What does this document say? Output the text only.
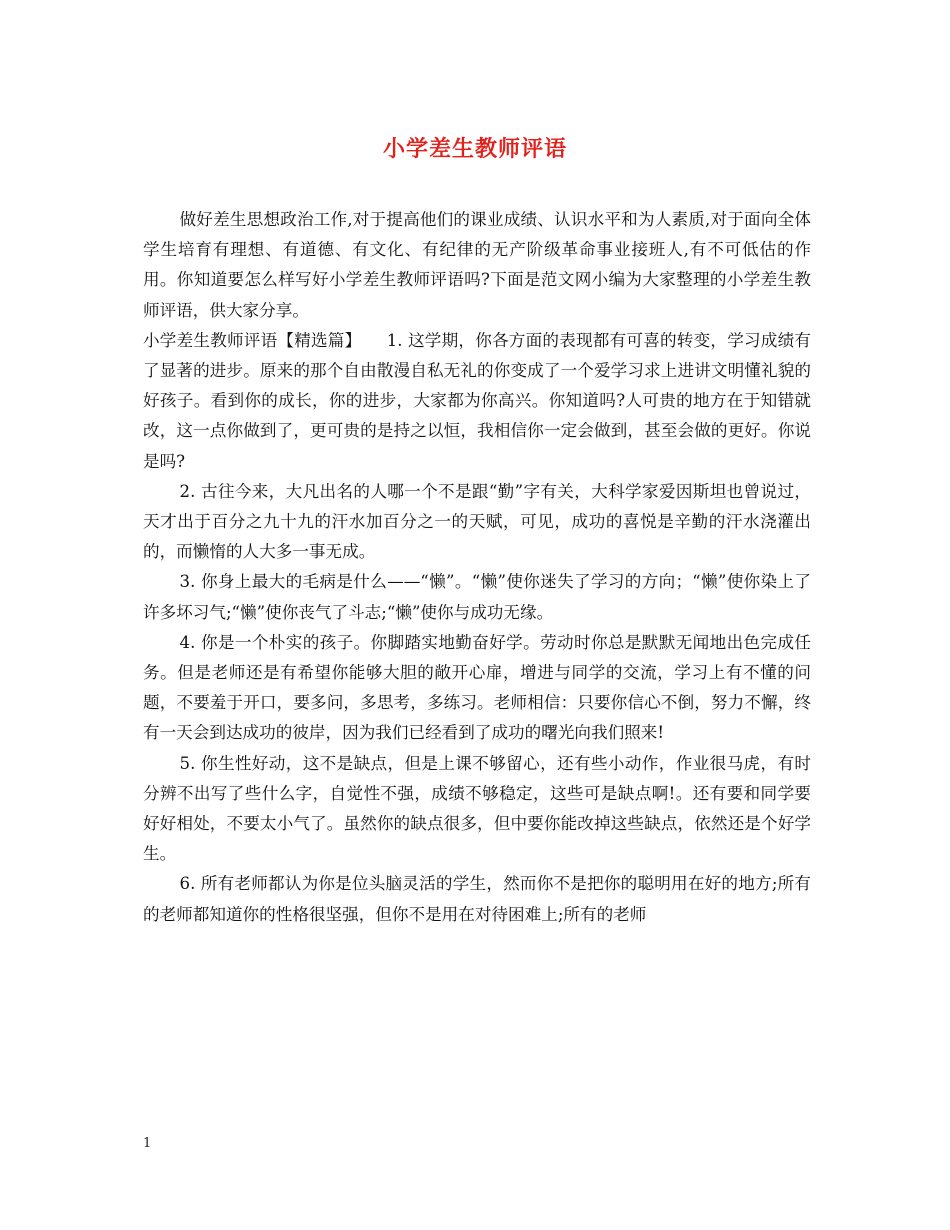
小学差生教师评语

做好差生思想政治工作,对于提高他们的课业成绩、认识水平和为人素质,对于面向全体学生培育有理想、有道德、有文化、有纪律的无产阶级革命事业接班人,有不可低估的作用。你知道要怎么样写好小学差生教师评语吗?下面是范文网小编为大家整理的小学差生教师评语，供大家分享。

小学差生教师评语【精选篇】　　1. 这学期，你各方面的表现都有可喜的转变，学习成绩有了显著的进步。原来的那个自由散漫自私无礼的你变成了一个爱学习求上进讲文明懂礼貌的好孩子。看到你的成长，你的进步，大家都为你高兴。你知道吗?人可贵的地方在于知错就改，这一点你做到了，更可贵的是持之以恒，我相信你一定会做到，甚至会做的更好。你说是吗?

2. 古往今来，大凡出名的人哪一个不是跟“勤”字有关，大科学家爱因斯坦也曾说过，天才出于百分之九十九的汗水加百分之一的天赋，可见，成功的喜悦是辛勤的汗水浇灌出的，而懒惰的人大多一事无成。

3. 你身上最大的毛病是什么——“懒”。“懒”使你迷失了学习的方向；“懒”使你染上了许多坏习气;“懒”使你丧气了斗志;“懒”使你与成功无缘。

4. 你是一个朴实的孩子。你脚踏实地勤奋好学。劳动时你总是默默无闻地出色完成任务。但是老师还是有希望你能够大胆的敞开心扉，增进与同学的交流，学习上有不懂的问题，不要羞于开口，要多问，多思考，多练习。老师相信：只要你信心不倒，努力不懈，终有一天会到达成功的彼岸，因为我们已经看到了成功的曙光向我们照来!

5. 你生性好动，这不是缺点，但是上课不够留心，还有些小动作，作业很马虎，有时分辨不出写了些什么字，自觉性不强，成绩不够稳定，这些可是缺点啊!。还有要和同学要好好相处，不要太小气了。虽然你的缺点很多，但中要你能改掉这些缺点，依然还是个好学生。

6. 所有老师都认为你是位头脑灵活的学生，然而你不是把你的聪明用在好的地方;所有的老师都知道你的性格很坚强，但你不是用在对待困难上;所有的老师

1
